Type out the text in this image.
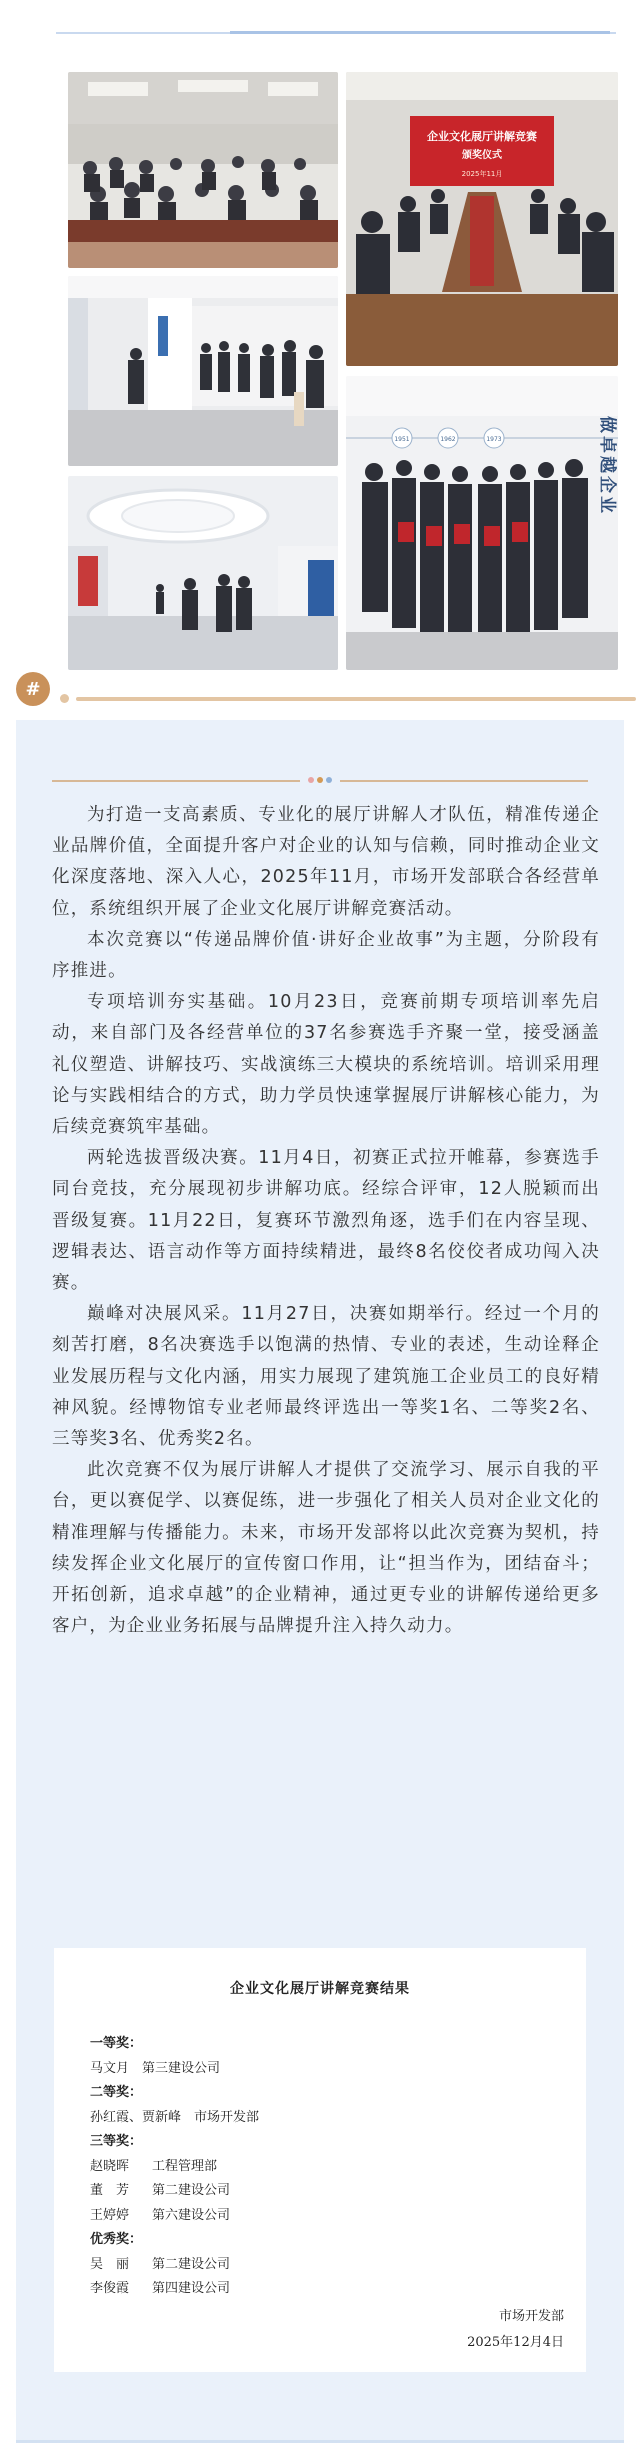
企业文化展厅讲解竞赛
颁奖仪式
2025年11月
1951	1962	1973	做卓越企业
#

为打造一支高素质、专业化的展厅讲解人才队伍，精准传递企业品牌价值，全面提升客户对企业的认知与信赖，同时推动企业文化深度落地、深入人心，2025年11月，市场开发部联合各经营单位，系统组织开展了企业文化展厅讲解竞赛活动。

本次竞赛以“传递品牌价值·讲好企业故事”为主题，分阶段有序推进。

专项培训夯实基础。10月23日，竞赛前期专项培训率先启动，来自部门及各经营单位的37名参赛选手齐聚一堂，接受涵盖礼仪塑造、讲解技巧、实战演练三大模块的系统培训。培训采用理论与实践相结合的方式，助力学员快速掌握展厅讲解核心能力，为后续竞赛筑牢基础。

两轮选拔晋级决赛。11月4日，初赛正式拉开帷幕，参赛选手同台竞技，充分展现初步讲解功底。经综合评审，12人脱颖而出晋级复赛。11月22日，复赛环节激烈角逐，选手们在内容呈现、逻辑表达、语言动作等方面持续精进，最终8名佼佼者成功闯入决赛。

巅峰对决展风采。11月27日，决赛如期举行。经过一个月的刻苦打磨，8名决赛选手以饱满的热情、专业的表述，生动诠释企业发展历程与文化内涵，用实力展现了建筑施工企业员工的良好精神风貌。经博物馆专业老师最终评选出一等奖1名、二等奖2名、三等奖3名、优秀奖2名。

此次竞赛不仅为展厅讲解人才提供了交流学习、展示自我的平台，更以赛促学、以赛促练，进一步强化了相关人员对企业文化的精准理解与传播能力。未来，市场开发部将以此次竞赛为契机，持续发挥企业文化展厅的宣传窗口作用，让“担当作为，团结奋斗；开拓创新，追求卓越”的企业精神，通过更专业的讲解传递给更多客户，为企业业务拓展与品牌提升注入持久动力。

企业文化展厅讲解竞赛结果
一等奖：
马文月　第三建设公司
二等奖：
孙红霞、贾新峰　市场开发部
三等奖：
赵晓晖 工程管理部
董　芳 第二建设公司
王婷婷 第六建设公司
优秀奖：
吴　丽 第二建设公司
李俊霞 第四建设公司
市场开发部
2025年12月4日
